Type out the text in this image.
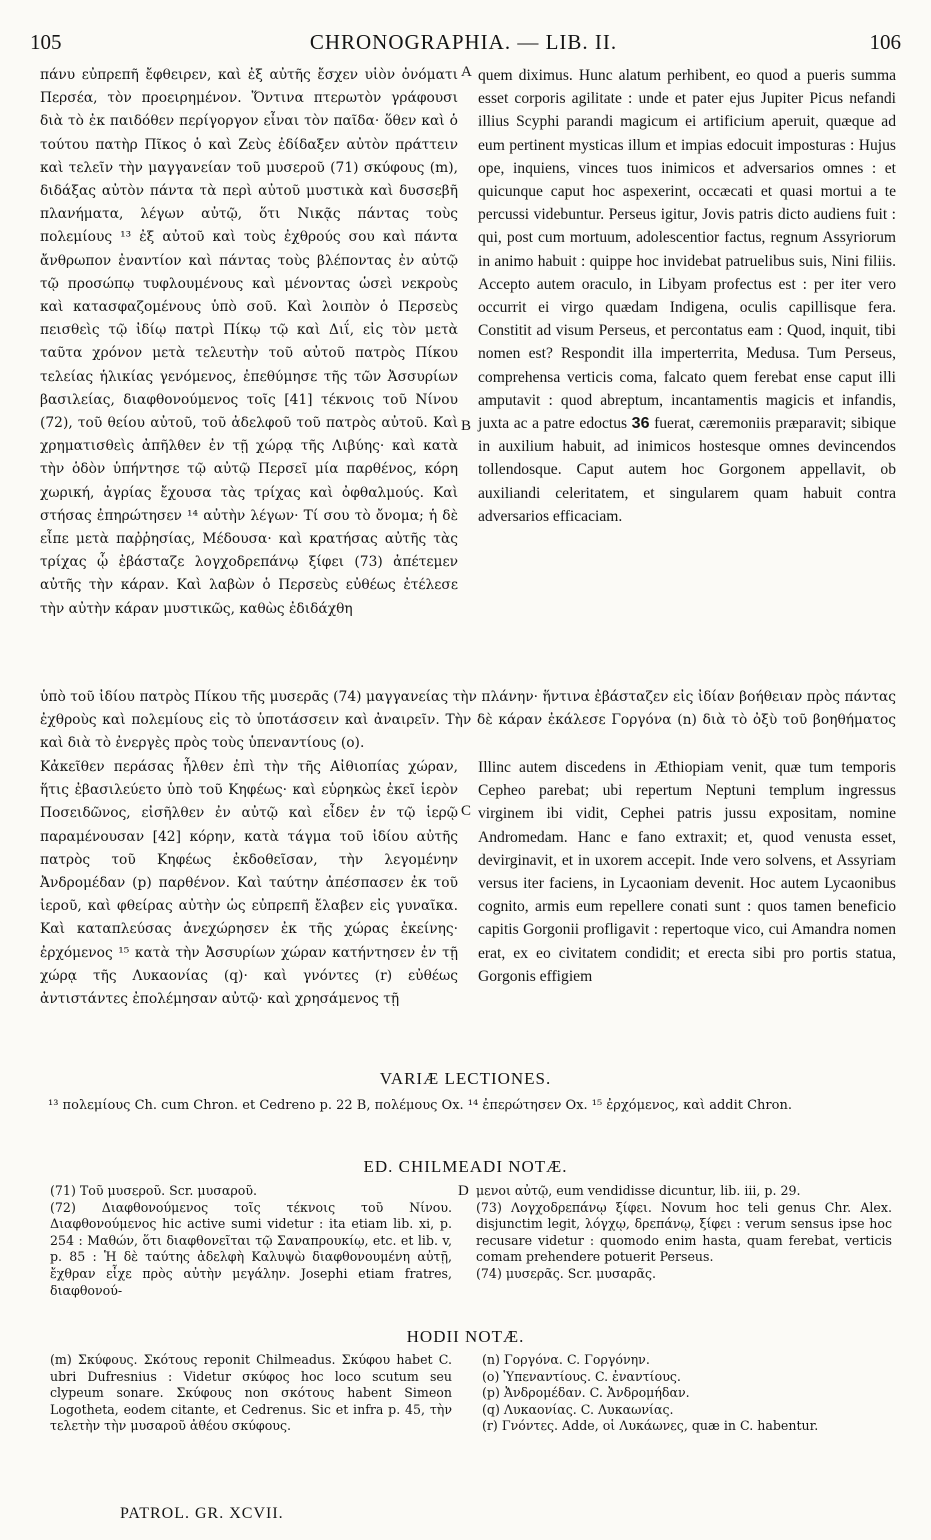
105	CHRONOGRAPHIA. — LIB. II.	106
πάνυ εὐπρεπῆ ἔφθειρεν, καὶ ἐξ αὐτῆς ἔσχεν υἱὸν ὀνόματι Περσέα, τὸν προειρημένον. Ὅντινα πτερωτὸν γράφουσι διὰ τὸ ἐκ παιδόθεν περίγοργον εἶναι τὸν παῖδα· ὅθεν καὶ ὁ τούτου πατὴρ Πῖκος ὁ καὶ Ζεὺς ἐδίδαξεν αὐτὸν πράττειν καὶ τελεῖν τὴν μαγγανείαν τοῦ μυσεροῦ (71) σκύφους (m), διδάξας αὐτὸν πάντα τὰ περὶ αὐτοῦ μυστικὰ καὶ δυσσεβῆ πλανήματα, λέγων αὐτῷ, ὅτι Νικᾷς πάντας τοὺς πολεμίους ¹³ ἐξ αὐτοῦ καὶ τοὺς ἐχθρούς σου καὶ πάντα ἄνθρωπον ἐναντίον καὶ πάντας τοὺς βλέποντας ἐν αὐτῷ τῷ προσώπῳ τυφλουμένους καὶ μένοντας ὡσεὶ νεκροὺς καὶ κατασφαζομένους ὑπὸ σοῦ. Καὶ λοιπὸν ὁ Περσεὺς πεισθεὶς τῷ ἰδίῳ πατρὶ Πίκῳ τῷ καὶ Διΐ, εἰς τὸν μετὰ ταῦτα χρόνον μετὰ τελευτὴν τοῦ αὐτοῦ πατρὸς Πίκου τελείας ἡλικίας γενόμενος, ἐπεθύμησε τῆς τῶν Ἀσσυρίων βασιλείας, διαφθονούμενος τοῖς [41] τέκνοις τοῦ Νίνου (72), τοῦ θείου αὐτοῦ, τοῦ ἀδελφοῦ τοῦ πατρὸς αὐτοῦ. Καὶ χρηματισθεὶς ἀπῆλθεν ἐν τῇ χώρᾳ τῆς Λιβύης· καὶ κατὰ τὴν ὁδὸν ὑπήντησε τῷ αὐτῷ Περσεῖ μία παρθένος, κόρη χωρική, ἀγρίας ἔχουσα τὰς τρίχας καὶ ὀφθαλμούς. Καὶ στήσας ἐπηρώτησεν ¹⁴ αὐτὴν λέγων· Τί σου τὸ ὄνομα; ἡ δὲ εἶπε μετὰ παῤῥησίας, Μέδουσα· καὶ κρατήσας αὐτῆς τὰς τρίχας ᾧ ἐβάσταζε λογχοδρεπάνῳ ξίφει (73) ἀπέτεμεν αὐτῆς τὴν κάραν. Καὶ λαβὼν ὁ Περσεὺς εὐθέως ἐτέλεσε τὴν αὐτὴν κάραν μυστικῶς, καθὼς ἐδιδάχθη
quem diximus. Hunc alatum perhibent, eo quod a pueris summa esset corporis agilitate : unde et pater ejus Jupiter Picus nefandi illius Scyphi parandi magicum ei artificium aperuit, quæque ad eum pertinent mysticas illum et impias edocuit imposturas : Hujus ope, inquiens, vinces tuos inimicos et adversarios omnes : et quicunque caput hoc aspexerint, occæcati et quasi mortui a te percussi videbuntur. Perseus igitur, Jovis patris dicto audiens fuit : qui, post cum mortuum, adolescentior factus, regnum Assyriorum in animo habuit : quippe hoc invidebat patruelibus suis, Nini filiis. Accepto autem oraculo, in Libyam profectus est : per iter vero occurrit ei virgo quædam Indigena, oculis capillisque fera. Constitit ad visum Perseus, et percontatus eam : Quod, inquit, tibi nomen est? Respondit illa imperterrita, Medusa. Tum Perseus, comprehensa verticis coma, falcato quem ferebat ense caput illi amputavit : quod abreptum, incantamentis magicis et infandis, juxta ac a patre edoctus 36 fuerat, cæremoniis præparavit; sibique in auxilium habuit, ad inimicos hostesque omnes devincendos tollendosque. Caput autem hoc Gorgonem appellavit, ob auxiliandi celeritatem, et singularem quam habuit contra adversarios efficaciam.
A
B
C
ὑπὸ τοῦ ἰδίου πατρὸς Πίκου τῆς μυσερᾶς (74) μαγγανείας τὴν πλάνην· ἥντινα ἐβάσταζεν εἰς ἰδίαν βοήθειαν πρὸς πάντας ἐχθροὺς καὶ πολεμίους εἰς τὸ ὑποτάσσειν καὶ ἀναιρεῖν. Τὴν δὲ κάραν ἐκάλεσε Γοργόνα (n) διὰ τὸ ὀξὺ τοῦ βοηθήματος καὶ διὰ τὸ ἐνεργὲς πρὸς τοὺς ὑπεναντίους (o).
Κἀκεῖθεν περάσας ἦλθεν ἐπὶ τὴν τῆς Αἰθιοπίας χώραν, ἥτις ἐβασιλεύετο ὑπὸ τοῦ Κηφέως· καὶ εὑρηκὼς ἐκεῖ ἱερὸν Ποσειδῶνος, εἰσῆλθεν ἐν αὐτῷ καὶ εἶδεν ἐν τῷ ἱερῷ παραμένουσαν [42] κόρην, κατὰ τάγμα τοῦ ἰδίου αὐτῆς πατρὸς τοῦ Κηφέως ἐκδοθεῖσαν, τὴν λεγομένην Ἀνδρομέδαν (p) παρθένον. Καὶ ταύτην ἀπέσπασεν ἐκ τοῦ ἱεροῦ, καὶ φθείρας αὐτὴν ὡς εὐπρεπῆ ἔλαβεν εἰς γυναῖκα. Καὶ καταπλεύσας ἀνεχώρησεν ἐκ τῆς χώρας ἐκείνης· ἐρχόμενος ¹⁵ κατὰ τὴν Ἀσσυρίων χώραν κατήντησεν ἐν τῇ χώρᾳ τῆς Λυκαονίας (q)· καὶ γνόντες (r) εὐθέως ἀντιστάντες ἐπολέμησαν αὐτῷ· καὶ χρησάμενος τῇ
Illinc autem discedens in Æthiopiam venit, quæ tum temporis Cepheo parebat; ubi repertum Neptuni templum ingressus virginem ibi vidit, Cephei patris jussu expositam, nomine Andromedam. Hanc e fano extraxit; et, quod venusta esset, devirginavit, et in uxorem accepit. Inde vero solvens, et Assyriam versus iter faciens, in Lycaoniam devenit. Hoc autem Lycaonibus cognito, armis eum repellere conati sunt : quos tamen beneficio capitis Gorgonii profligavit : repertoque vico, cui Amandra nomen erat, ex eo civitatem condidit; et erecta sibi pro portis statua, Gorgonis effigiem
VARIÆ LECTIONES.
¹³ πολεμίους Ch. cum Chron. et Cedreno p. 22 B, πολέμους Ox. ¹⁴ ἐπερώτησεν Ox. ¹⁵ ἐρχόμενος, καὶ addit Chron.
ED. CHILMEADI NOTÆ.

(71) Τοῦ μυσεροῦ. Scr. μυσαροῦ.

(72) Διαφθονούμενος τοῖς τέκνοις τοῦ Νίνου. Διαφθονούμενος hic active sumi videtur : ita etiam lib. xi, p. 254 : Μαθών, ὅτι διαφθονεῖται τῷ Σαναπρουκίῳ, etc. et lib. v, p. 85 : Ἡ δὲ ταύτης ἀδελφὴ Καλυψὼ διαφθονουμένη αὐτῇ, ἔχθραν εἶχε πρὸς αὐτὴν μεγάλην. Josephi etiam fratres, διαφθονού-

D μενοι αὐτῷ, eum vendidisse dicuntur, lib. iii, p. 29.

(73) Λογχοδρεπάνῳ ξίφει. Novum hoc teli genus Chr. Alex. disjunctim legit, λόγχῳ, δρεπάνῳ, ξίφει : verum sensus ipse hoc recusare videtur : quomodo enim hasta, quam ferebat, verticis comam prehendere potuerit Perseus.

(74) μυσερᾶς. Scr. μυσαρᾶς.

HODII NOTÆ.

(m) Σκύφους. Σκότους reponit Chilmeadus. Σκύφου habet C. ubri Dufresnius : Videtur σκύφος hoc loco scutum seu clypeum sonare. Σκύφους non σκότους habent Simeon Logotheta, eodem citante, et Cedrenus. Sic et infra p. 45, τὴν τελετὴν τὴν μυσαροῦ ἀθέου σκύφους.

(n) Γοργόνα. C. Γοργόνην.

(o) Ὑπεναντίους. C. ἐναντίους.

(p) Ἀνδρομέδαν. C. Ἀνδρομήδαν.

(q) Λυκαονίας. C. Λυκαωνίας.

(r) Γνόντες. Adde, οἱ Λυκάωνες, quæ in C. habentur.

PATROL. GR. XCVII.
